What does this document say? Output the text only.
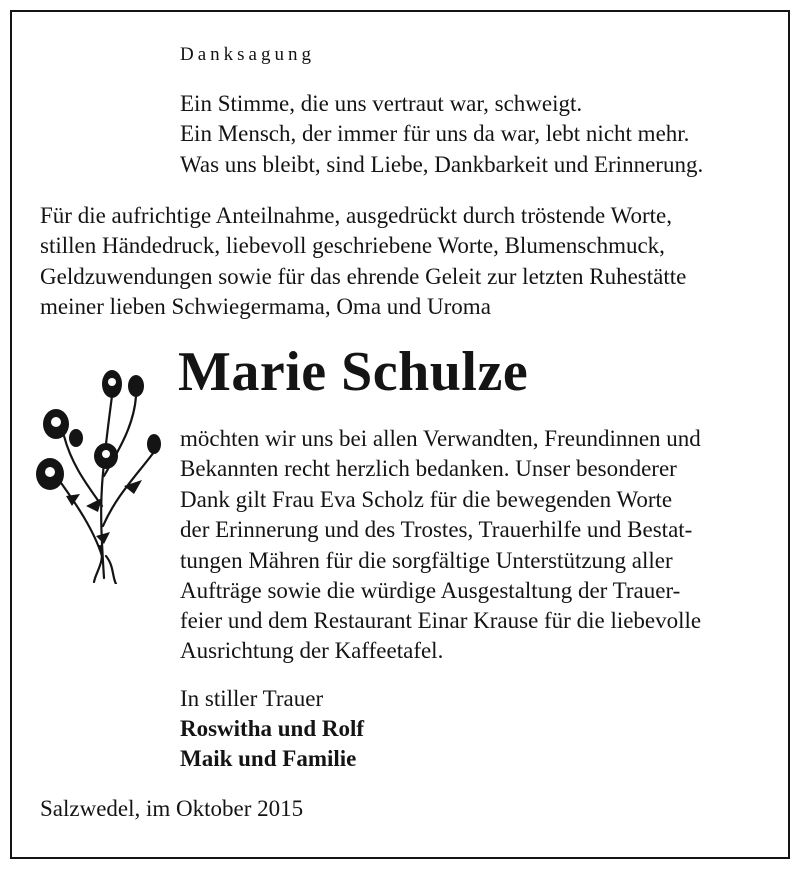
Danksagung
Ein Stimme, die uns vertraut war, schweigt.
Ein Mensch, der immer für uns da war, lebt nicht mehr.
Was uns bleibt, sind Liebe, Dankbarkeit und Erinnerung.
Für die aufrichtige Anteilnahme, ausgedrückt durch tröstende Worte,
stillen Händedruck, liebevoll geschriebene Worte, Blumenschmuck,
Geldzuwendungen sowie für das ehrende Geleit zur letzten Ruhestätte
meiner lieben Schwiegermama, Oma und Uroma
Marie Schulze
möchten wir uns bei allen Verwandten, Freundinnen und
Bekannten recht herzlich bedanken. Unser besonderer
Dank gilt Frau Eva Scholz für die bewegenden Worte
der Erinnerung und des Trostes, Trauerhilfe und Bestat-
tungen Mähren für die sorgfältige Unterstützung aller
Aufträge sowie die würdige Ausgestaltung der Trauer-
feier und dem Restaurant Einar Krause für die liebevolle
Ausrichtung der Kaffeetafel.
In stiller Trauer
Roswitha und Rolf
Maik und Familie
Salzwedel, im Oktober 2015
